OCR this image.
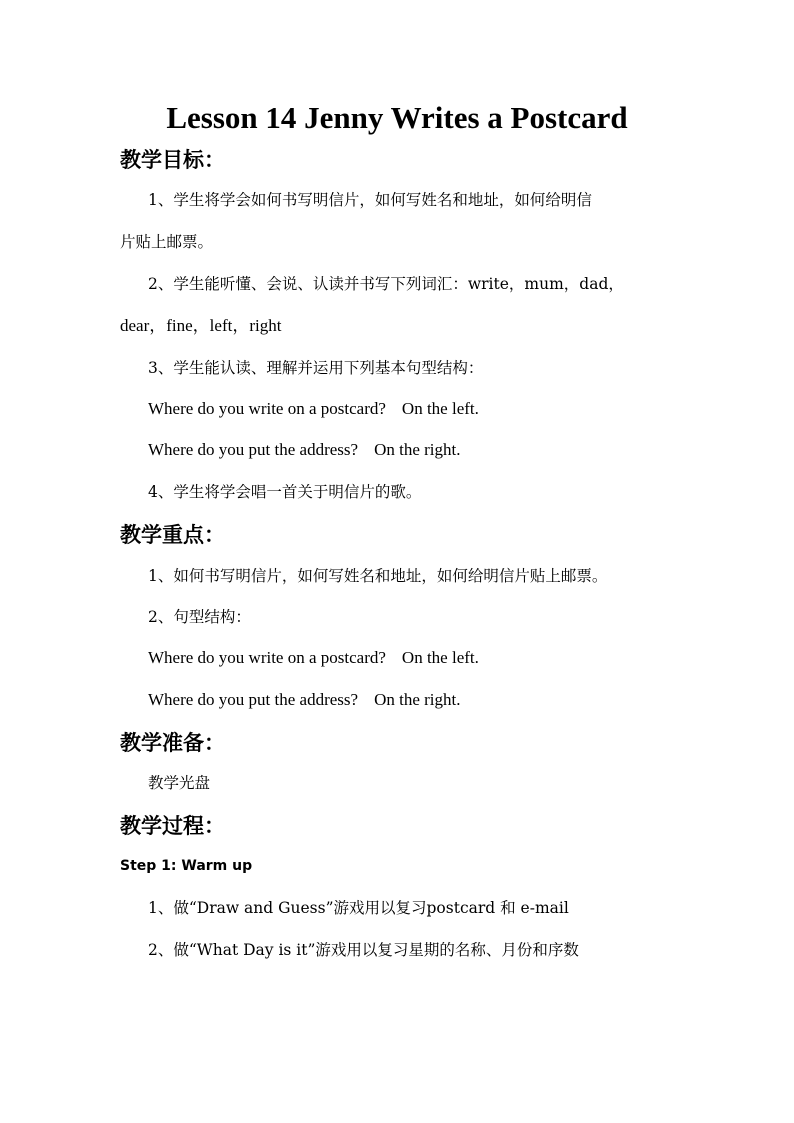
Lesson 14 Jenny Writes a Postcard
教学目标：

1、学生将学会如何书写明信片，如何写姓名和地址，如何给明信

片贴上邮票。

2、学生能听懂、会说、认读并书写下列词汇：write，mum，dad，

dear，fine，left，right

3、学生能认读、理解并运用下列基本句型结构：

Where do you write on a postcard? On the left.

Where do you put the address? On the right.

4、学生将学会唱一首关于明信片的歌。

教学重点：

1、如何书写明信片，如何写姓名和地址，如何给明信片贴上邮票。

2、句型结构：

Where do you write on a postcard? On the left.

Where do you put the address? On the right.

教学准备：

教学光盘

教学过程：

Step 1: Warm up

1、做“Draw and Guess”游戏用以复习postcard 和 e-mail

2、做“What Day is it”游戏用以复习星期的名称、月份和序数
